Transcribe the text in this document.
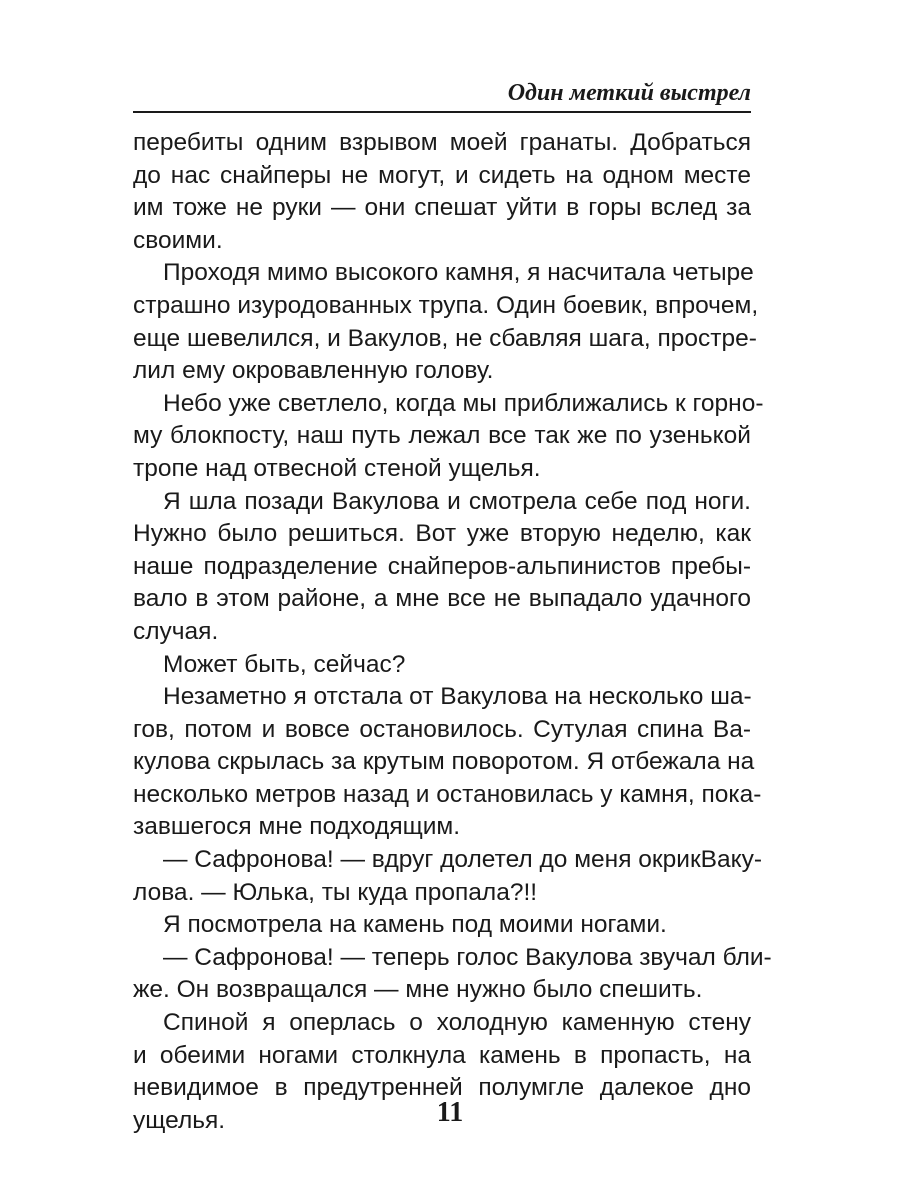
Один меткий выстрел
перебиты одним взрывом моей гранаты. Добраться
до нас снайперы не могут, и сидеть на одном месте
им тоже не руки — они спешат уйти в горы вслед за
своими.
Проходя мимо высокого камня, я насчитала четыре
страшно изуродованных трупа. Один боевик, впрочем,
еще шевелился, и Вакулов, не сбавляя шага, простре-
лил ему окровавленную голову.
Небо уже светлело, когда мы приближались к горно-
му блокпосту, наш путь лежал все так же по узенькой
тропе над отвесной стеной ущелья.
Я шла позади Вакулова и смотрела себе под ноги.
Нужно было решиться. Вот уже вторую неделю, как
наше подразделение снайперов-альпинистов пребы-
вало в этом районе, а мне все не выпадало удачного
случая.
Может быть, сейчас?
Незаметно я отстала от Вакулова на несколько ша-
гов, потом и вовсе остановилось. Сутулая спина Ва-
кулова скрылась за крутым поворотом. Я отбежала на
несколько метров назад и остановилась у камня, пока-
завшегося мне подходящим.
— Сафронова! — вдруг долетел до меня окрикВаку-
лова. — Юлька, ты куда пропала?!!
Я посмотрела на камень под моими ногами.
— Сафронова! — теперь голос Вакулова звучал бли-
же. Он возвращался — мне нужно было спешить.
Спиной я оперлась о холодную каменную стену
и обеими ногами столкнула камень в пропасть, на
невидимое в предутренней полумгле далекое дно
ущелья.	11
